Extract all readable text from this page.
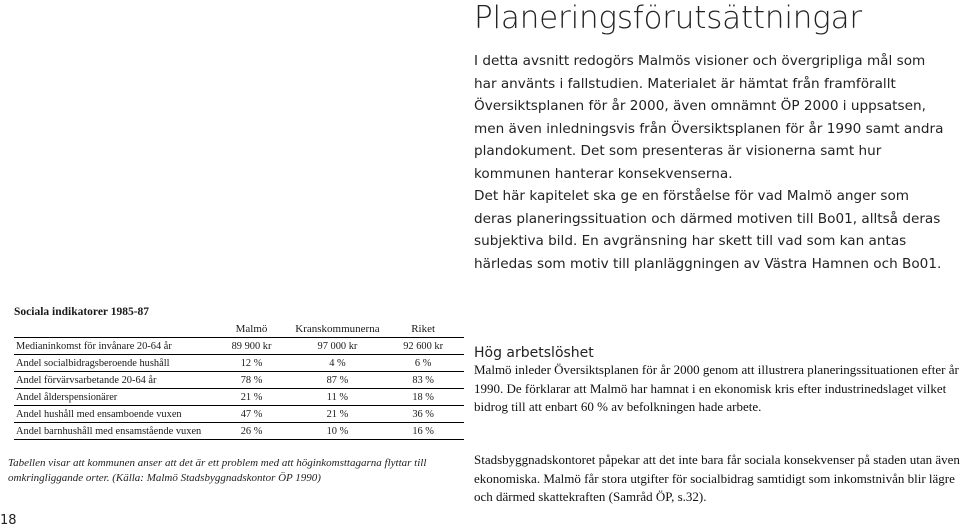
Planeringsförutsättningar

I detta avsnitt redogörs Malmös visioner och övergripliga mål som har använts i fallstudien. Materialet är hämtat från framförallt Översiktsplanen för år 2000, även omnämnt ÖP 2000 i uppsatsen, men även inledningsvis från Översiktsplanen för år 1990 samt andra plandokument. Det som presenteras är visionerna samt hur kommunen hanterar konsekvenserna.

Det här kapitelet ska ge en förståelse för vad Malmö anger som deras planeringssituation och därmed motiven till Bo01, alltså deras subjektiva bild. En avgränsning har skett till vad som kan antas härledas som motiv till planläggningen av Västra Hamnen och Bo01.

Sociala indikatorer 1985-87
	Malmö	Kranskommunerna	Riket
Medianinkomst för invånare 20-64 år	89 900 kr	97 000 kr	92 600 kr
Andel socialbidragsberoende hushåll	12 %	4 %	6 %
Andel förvärvsarbetande 20-64 år	78 %	87 %	83 %
Andel ålderspensionärer	21 %	11 %	18 %
Andel hushåll med ensamboende vuxen	47 %	21 %	36 %
Andel barnhushåll med ensamstående vuxen	26 %	10 %	16 %
Tabellen visar att kommunen anser att det är ett problem med att höginkomsttagarna flyttar till omkringliggande orter. (Källa: Malmö Stadsbyggnadskontor ÖP 1990)
18
Hög arbetslöshet
Malmö inleder Översiktsplanen för år 2000 genom att illustrera planeringssituationen efter år 1990. De förklarar att Malmö har hamnat i en ekonomisk kris efter industrinedslaget vilket bidrog till att enbart 60 % av befolkningen hade arbete.
Stadsbyggnadskontoret påpekar att det inte bara får sociala konsekvenser på staden utan även ekonomiska. Malmö får stora utgifter för socialbidrag samtidigt som inkomstnivån blir lägre och därmed skattekraften (Samråd ÖP, s.32).
